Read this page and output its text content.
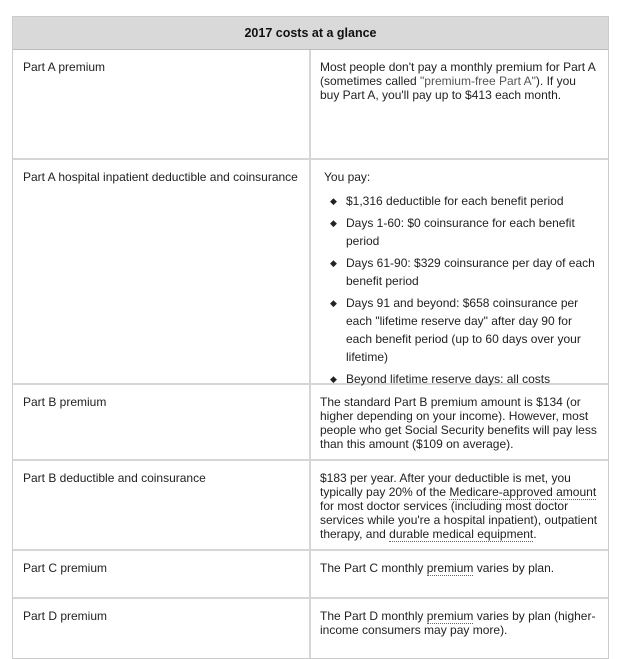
2017 costs at a glance
Part A premium	Most people don't pay a monthly premium for Part A (sometimes called "premium-free Part A"). If you buy Part A, you'll pay up to $413 each month.
Part A hospital inpatient deductible and coinsurance	You pay:
◆ $1,316 deductible for each benefit period
◆ Days 1-60: $0 coinsurance for each benefit period
◆ Days 61-90: $329 coinsurance per day of each benefit period
◆ Days 91 and beyond: $658 coinsurance per each "lifetime reserve day" after day 90 for each benefit period (up to 60 days over your lifetime)
◆ Beyond lifetime reserve days: all costs
Part B premium	The standard Part B premium amount is $134 (or higher depending on your income). However, most people who get Social Security benefits will pay less than this amount ($109 on average).
Part B deductible and coinsurance	$183 per year. After your deductible is met, you typically pay 20% of the Medicare-approved amount for most doctor services (including most doctor services while you're a hospital inpatient), outpatient therapy, and durable medical equipment.
Part C premium	The Part C monthly premium varies by plan.
Part D premium	The Part D monthly premium varies by plan (higher-income consumers may pay more).
